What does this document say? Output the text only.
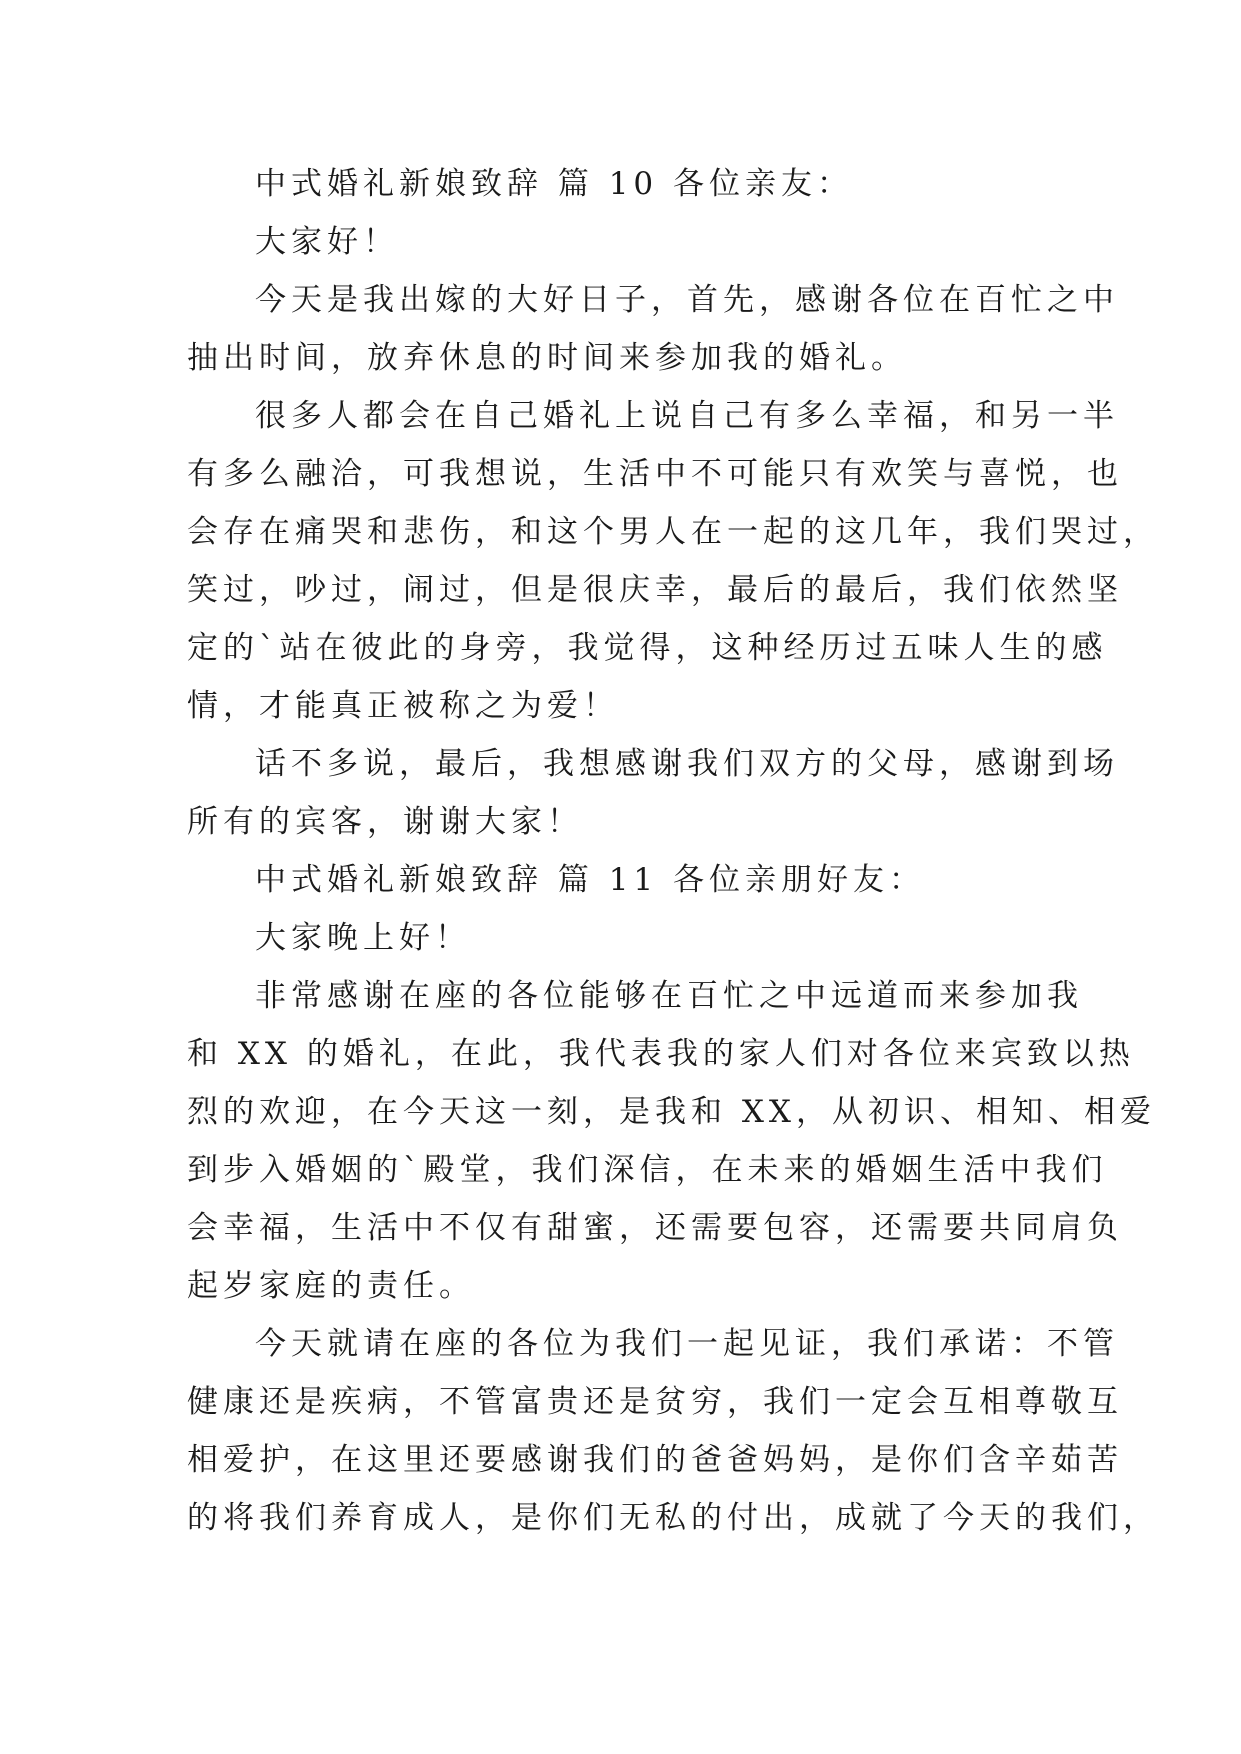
中式婚礼新娘致辞 篇 10 各位亲友：
大家好！
今天是我出嫁的大好日子，首先，感谢各位在百忙之中
抽出时间，放弃休息的时间来参加我的婚礼。
很多人都会在自己婚礼上说自己有多么幸福，和另一半
有多么融洽，可我想说，生活中不可能只有欢笑与喜悦，也
会存在痛哭和悲伤，和这个男人在一起的这几年，我们哭过，
笑过，吵过，闹过，但是很庆幸，最后的最后，我们依然坚
定的`站在彼此的身旁，我觉得，这种经历过五味人生的感
情，才能真正被称之为爱！
话不多说，最后，我想感谢我们双方的父母，感谢到场
所有的宾客，谢谢大家！
中式婚礼新娘致辞 篇 11 各位亲朋好友：
大家晚上好！
非常感谢在座的各位能够在百忙之中远道而来参加我
和 XX 的婚礼，在此，我代表我的家人们对各位来宾致以热
烈的欢迎，在今天这一刻，是我和 XX，从初识、相知、相爱
到步入婚姻的`殿堂，我们深信，在未来的婚姻生活中我们
会幸福，生活中不仅有甜蜜，还需要包容，还需要共同肩负
起岁家庭的责任。
今天就请在座的各位为我们一起见证，我们承诺：不管
健康还是疾病，不管富贵还是贫穷，我们一定会互相尊敬互
相爱护，在这里还要感谢我们的爸爸妈妈，是你们含辛茹苦
的将我们养育成人，是你们无私的付出，成就了今天的我们，
